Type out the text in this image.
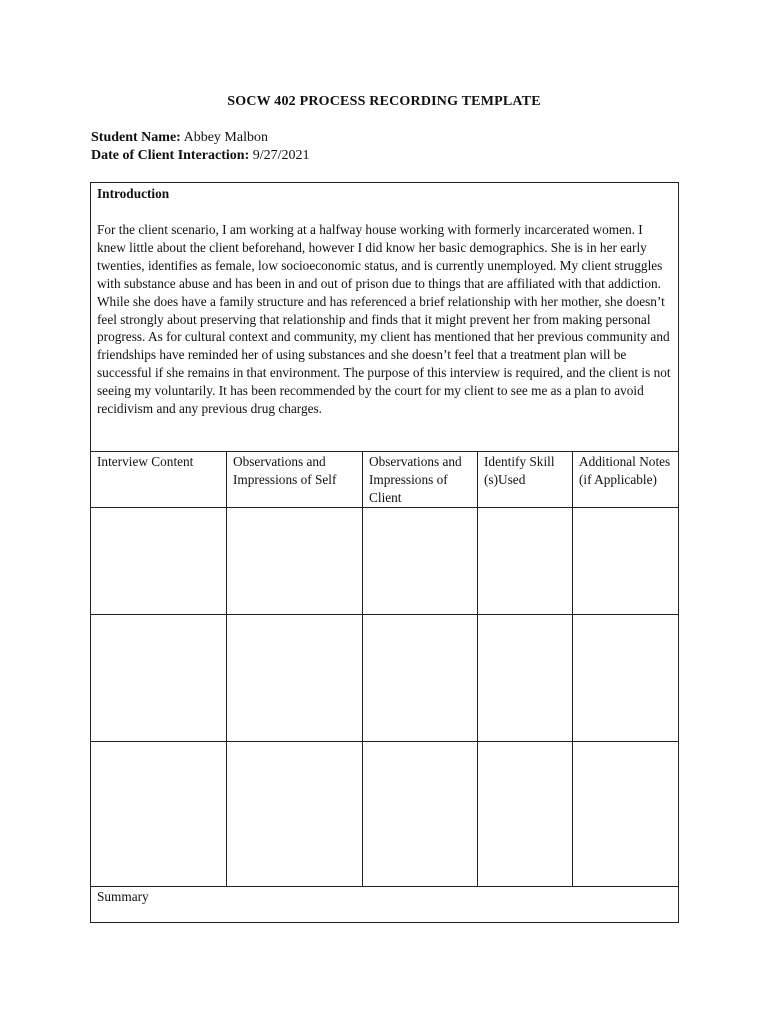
SOCW 402 PROCESS RECORDING TEMPLATE
Student Name: Abbey Malbon
Date of Client Interaction: 9/27/2021
Introduction
For the client scenario, I am working at a halfway house working with formerly incarcerated women. I knew little about the client beforehand, however I did know her basic demographics. She is in her early twenties, identifies as female, low socioeconomic status, and is currently unemployed. My client struggles with substance abuse and has been in and out of prison due to things that are affiliated with that addiction. While she does have a family structure and has referenced a brief relationship with her mother, she doesn’t feel strongly about preserving that relationship and finds that it might prevent her from making personal progress. As for cultural context and community, my client has mentioned that her previous community and friendships have reminded her of using substances and she doesn’t feel that a treatment plan will be successful if she remains in that environment. The purpose of this interview is required, and the client is not seeing my voluntarily. It has been recommended by the court for my client to see me as a plan to avoid recidivism and any previous drug charges.				

Interview Content	Observations and Impressions of Self	Observations and Impressions of Client	Identify Skill (s)Used	Additional Notes (if Applicable)

Summary				
